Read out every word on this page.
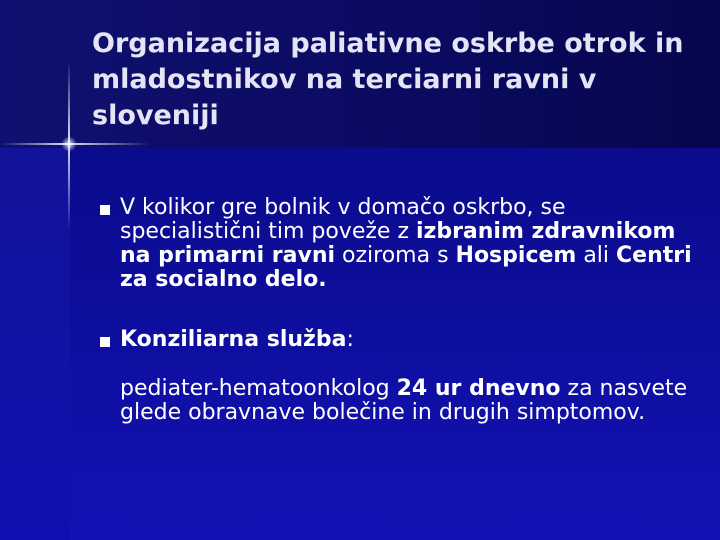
Organizacija paliativne oskrbe otrok in mladostnikov na terciarni ravni v sloveniji

V kolikor gre bolnik v domačo oskrbo, se specialistični tim poveže z izbranim zdravnikom na primarni ravni oziroma s Hospicem ali Centri za socialno delo.

Konziliarna služba:

pediater-hematoonkolog 24 ur dnevno za nasvete glede obravnave bolečine in drugih simptomov.
